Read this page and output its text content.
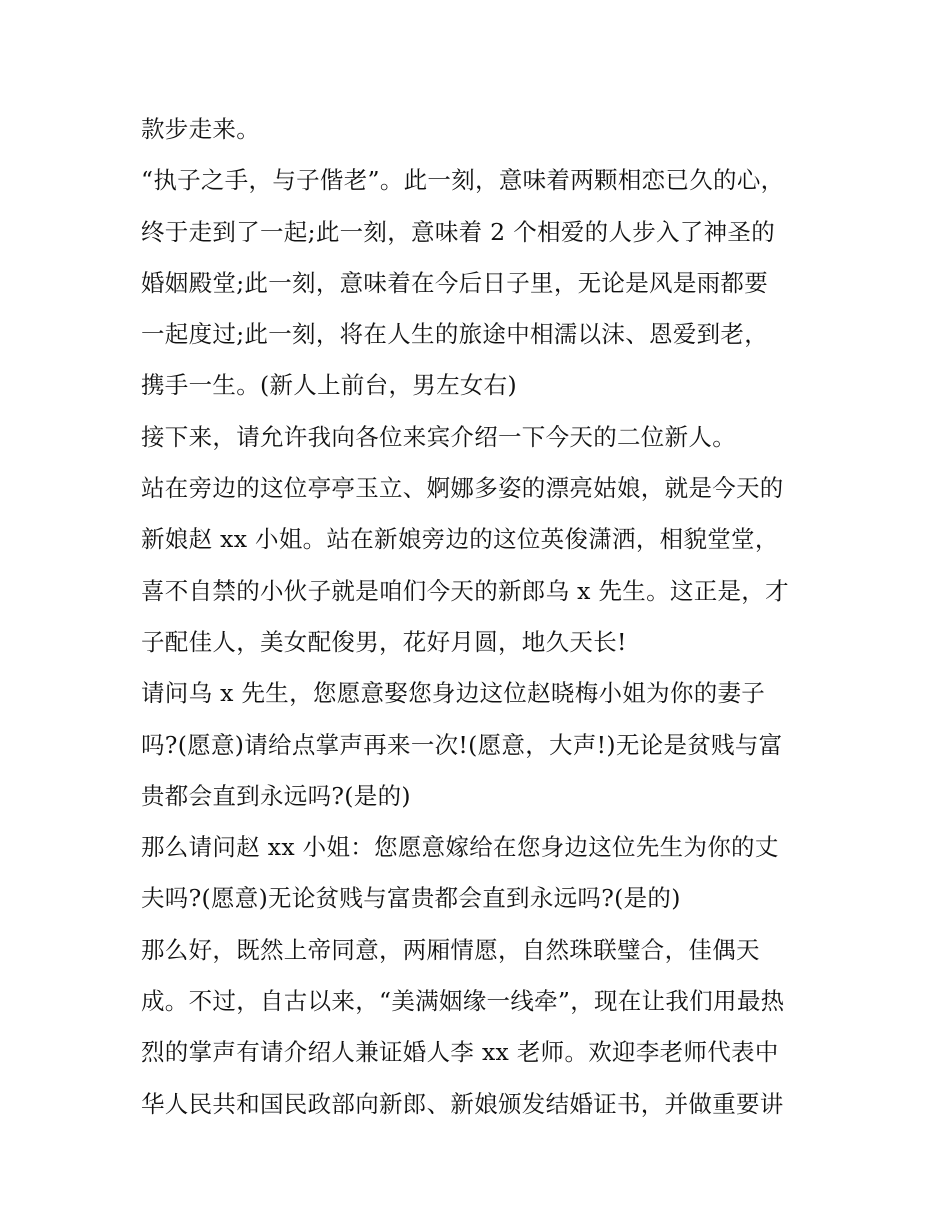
款步走来。
“执子之手，与子偕老”。此一刻，意味着两颗相恋已久的心，
终于走到了一起;此一刻，意味着 2 个相爱的人步入了神圣的
婚姻殿堂;此一刻，意味着在今后日子里，无论是风是雨都要
一起度过;此一刻，将在人生的旅途中相濡以沫、恩爱到老，
携手一生。(新人上前台，男左女右)
接下来，请允许我向各位来宾介绍一下今天的二位新人。
站在旁边的这位亭亭玉立、婀娜多姿的漂亮姑娘，就是今天的
新娘赵 xx 小姐。站在新娘旁边的这位英俊潇洒，相貌堂堂，
喜不自禁的小伙子就是咱们今天的新郎乌 x 先生。这正是，才
子配佳人，美女配俊男，花好月圆，地久天长!
请问乌 x 先生，您愿意娶您身边这位赵晓梅小姐为你的妻子
吗?(愿意)请给点掌声再来一次!(愿意，大声!)无论是贫贱与富
贵都会直到永远吗?(是的)
那么请问赵 xx 小姐：您愿意嫁给在您身边这位先生为你的丈
夫吗?(愿意)无论贫贱与富贵都会直到永远吗?(是的)
那么好，既然上帝同意，两厢情愿，自然珠联璧合，佳偶天
成。不过，自古以来，“美满姻缘一线牵”，现在让我们用最热
烈的掌声有请介绍人兼证婚人李 xx 老师。欢迎李老师代表中
华人民共和国民政部向新郎、新娘颁发结婚证书，并做重要讲
